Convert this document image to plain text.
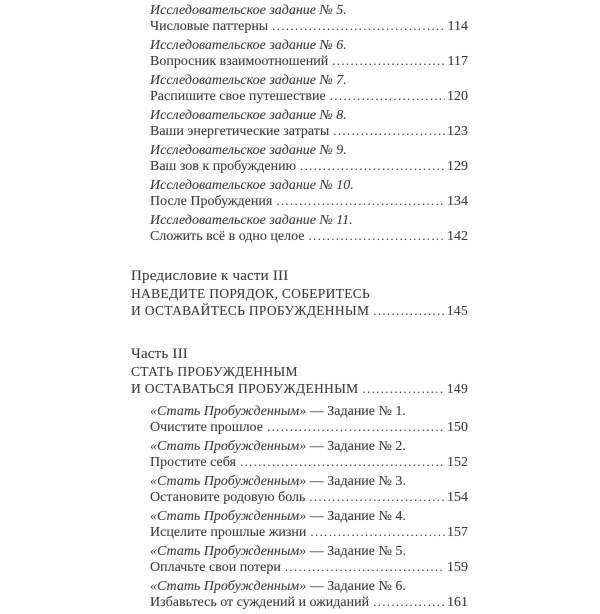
Исследовательское задание № 5.
Числовые паттерны .....	114
Исследовательское задание № 6.
Вопросник взаимоотношений .....	117
Исследовательское задание № 7.
Распишите свое путешествие .....	120
Исследовательское задание № 8.
Ваши энергетические затраты .....	123
Исследовательское задание № 9.
Ваш зов к пробуждению .....	129
Исследовательское задание № 10.
После Пробуждения .....	134
Исследовательское задание № 11.
Сложить всё в одно целое .....	142
Предисловие к части III
НАВЕДИТЕ ПОРЯДОК, СОБЕРИТЕСЬ
И ОСТАВАЙТЕСЬ ПРОБУЖДЕННЫМ .....	145
Часть III
СТАТЬ ПРОБУЖДЕННЫМ
И ОСТАВАТЬСЯ ПРОБУЖДЕННЫМ .....	149
«Стать Пробужденным» — Задание № 1.
Очистите прошлое .....	150
«Стать Пробужденным» — Задание № 2.
Простите себя .....	152
«Стать Пробужденным» — Задание № 3.
Остановите родовую боль .....	154
«Стать Пробужденным» — Задание № 4.
Исцелите прошлые жизни .....	157
«Стать Пробужденным» — Задание № 5.
Оплачьте свои потери .....	159
«Стать Пробужденным» — Задание № 6.
Избавьтесь от суждений и ожиданий .....	161
